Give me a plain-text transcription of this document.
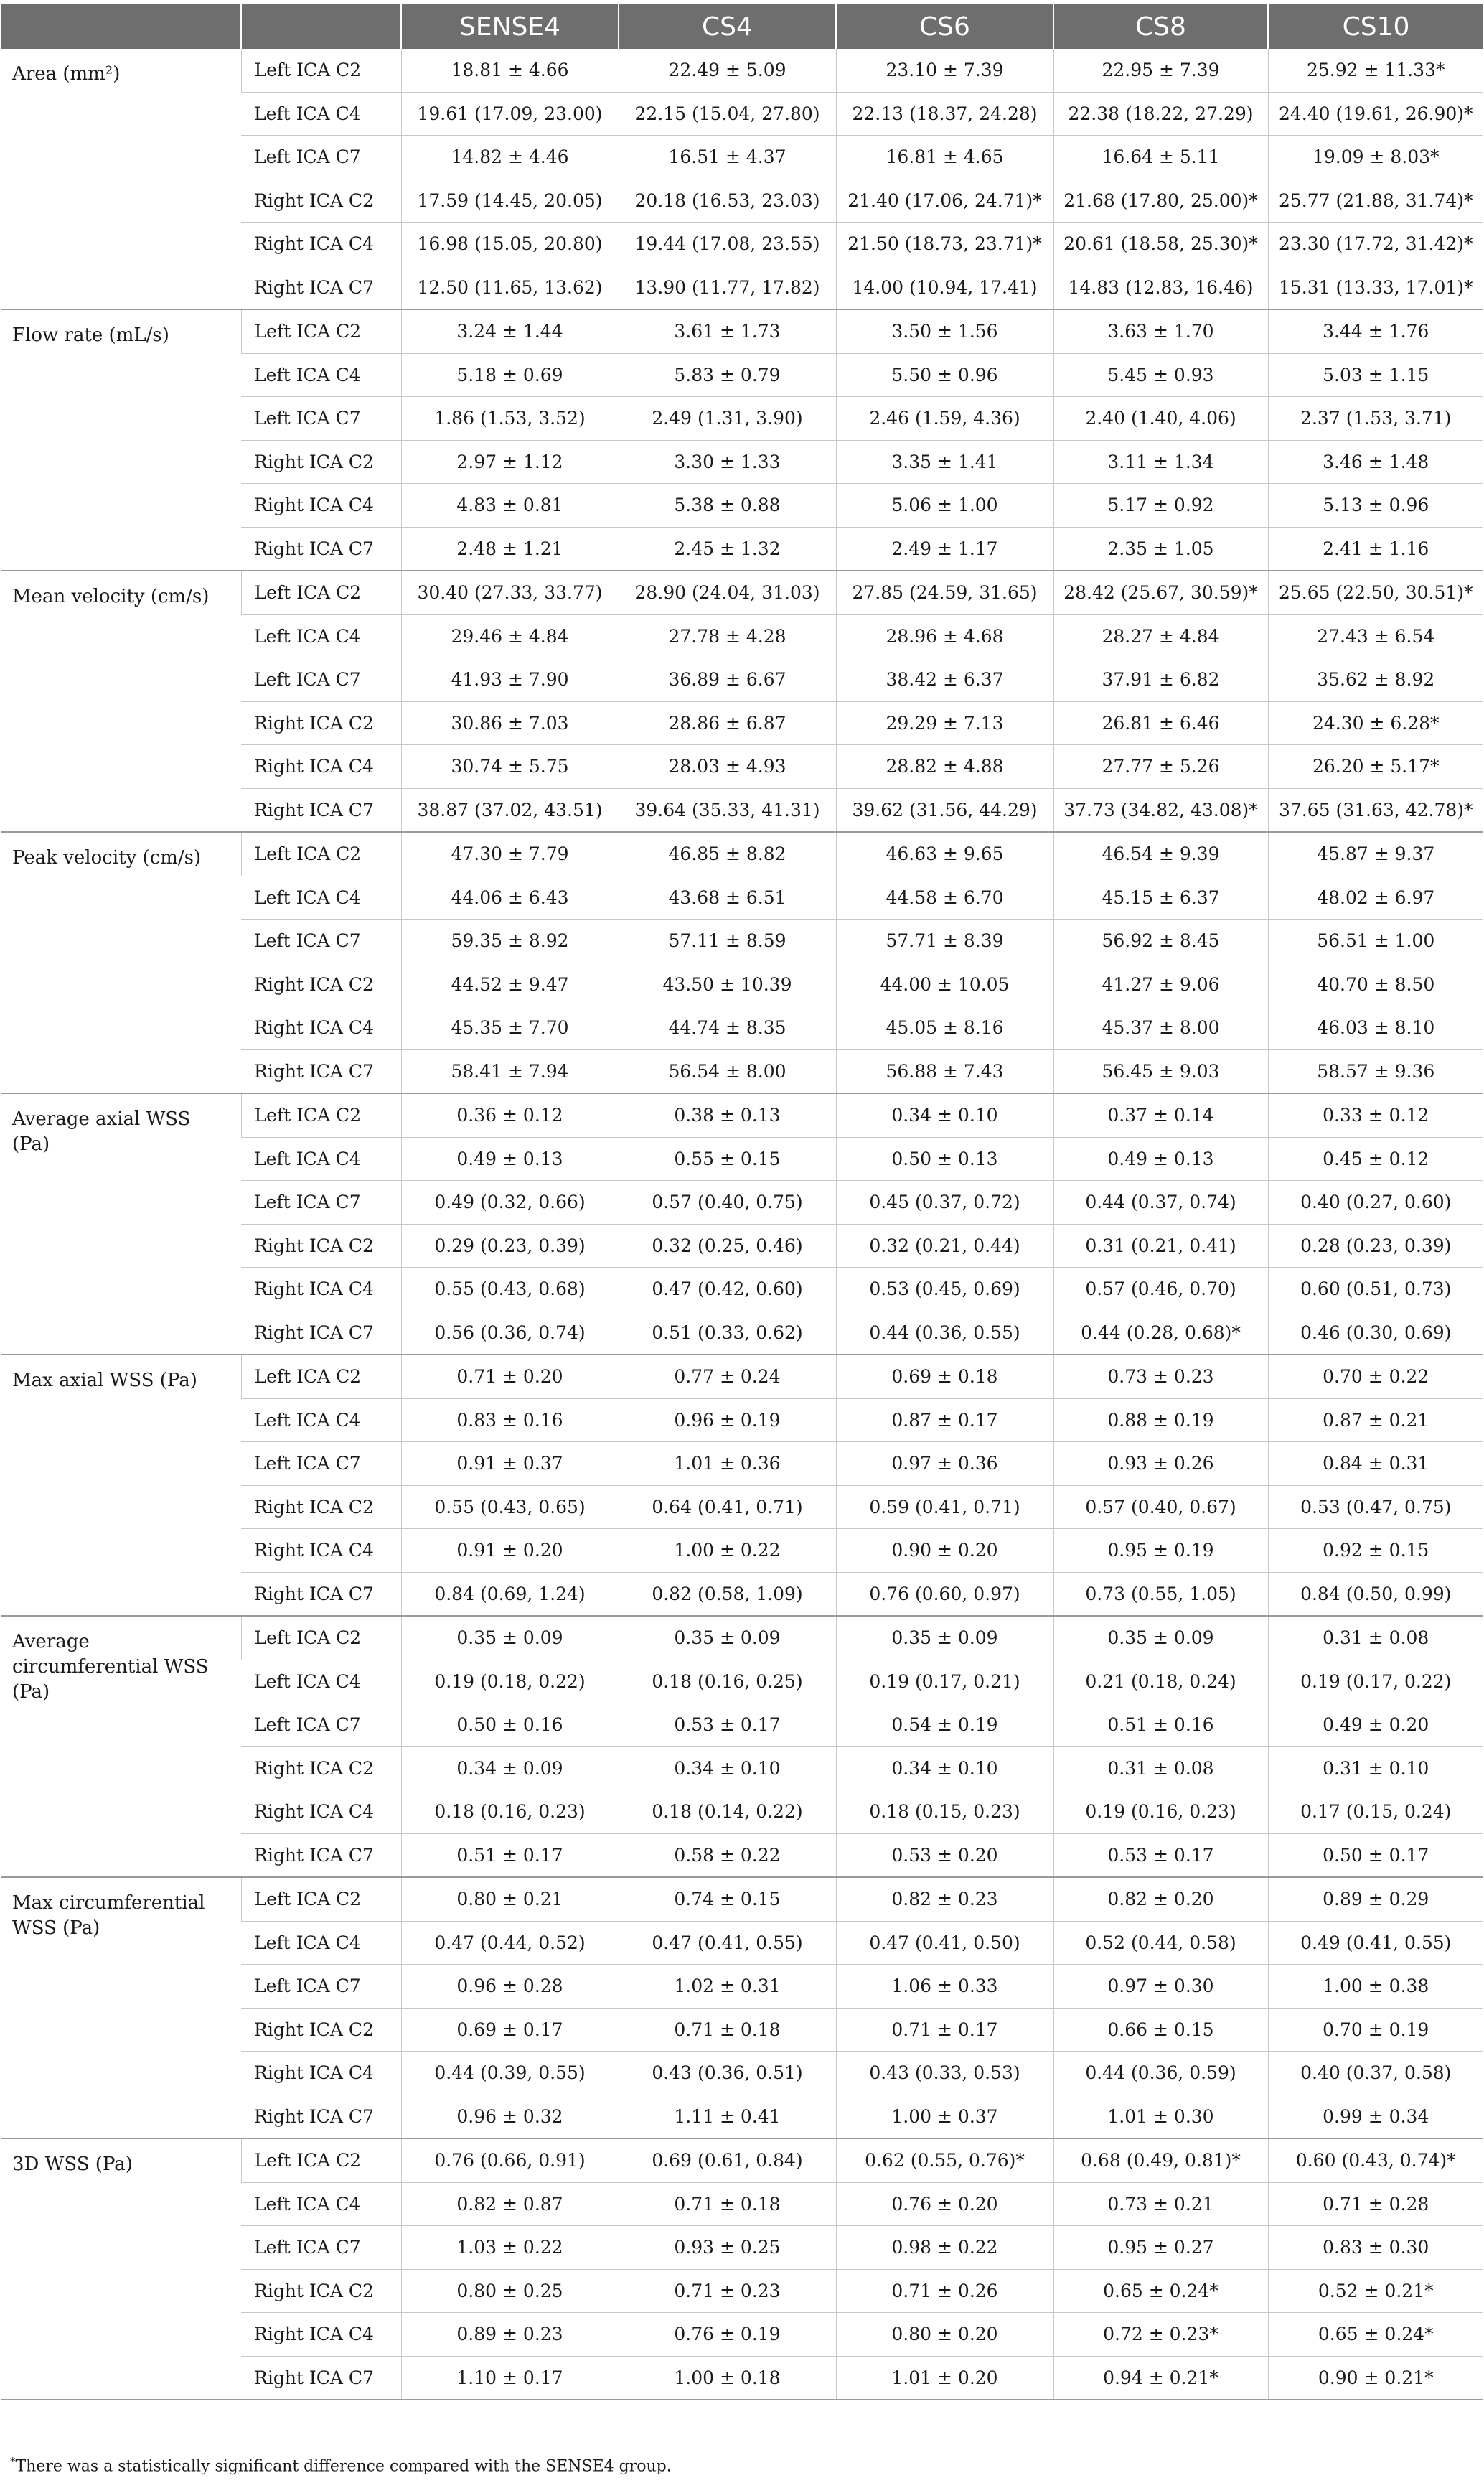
		SENSE4	CS4	CS6	CS8	CS10
Area (mm²)	Left ICA C2	18.81 ± 4.66	22.49 ± 5.09	23.10 ± 7.39	22.95 ± 7.39	25.92 ± 11.33*
	Left ICA C4	19.61 (17.09, 23.00)	22.15 (15.04, 27.80)	22.13 (18.37, 24.28)	22.38 (18.22, 27.29)	24.40 (19.61, 26.90)*
	Left ICA C7	14.82 ± 4.46	16.51 ± 4.37	16.81 ± 4.65	16.64 ± 5.11	19.09 ± 8.03*
	Right ICA C2	17.59 (14.45, 20.05)	20.18 (16.53, 23.03)	21.40 (17.06, 24.71)*	21.68 (17.80, 25.00)*	25.77 (21.88, 31.74)*
	Right ICA C4	16.98 (15.05, 20.80)	19.44 (17.08, 23.55)	21.50 (18.73, 23.71)*	20.61 (18.58, 25.30)*	23.30 (17.72, 31.42)*
	Right ICA C7	12.50 (11.65, 13.62)	13.90 (11.77, 17.82)	14.00 (10.94, 17.41)	14.83 (12.83, 16.46)	15.31 (13.33, 17.01)*
Flow rate (mL/s)	Left ICA C2	3.24 ± 1.44	3.61 ± 1.73	3.50 ± 1.56	3.63 ± 1.70	3.44 ± 1.76
	Left ICA C4	5.18 ± 0.69	5.83 ± 0.79	5.50 ± 0.96	5.45 ± 0.93	5.03 ± 1.15
	Left ICA C7	1.86 (1.53, 3.52)	2.49 (1.31, 3.90)	2.46 (1.59, 4.36)	2.40 (1.40, 4.06)	2.37 (1.53, 3.71)
	Right ICA C2	2.97 ± 1.12	3.30 ± 1.33	3.35 ± 1.41	3.11 ± 1.34	3.46 ± 1.48
	Right ICA C4	4.83 ± 0.81	5.38 ± 0.88	5.06 ± 1.00	5.17 ± 0.92	5.13 ± 0.96
	Right ICA C7	2.48 ± 1.21	2.45 ± 1.32	2.49 ± 1.17	2.35 ± 1.05	2.41 ± 1.16
Mean velocity (cm/s)	Left ICA C2	30.40 (27.33, 33.77)	28.90 (24.04, 31.03)	27.85 (24.59, 31.65)	28.42 (25.67, 30.59)*	25.65 (22.50, 30.51)*
	Left ICA C4	29.46 ± 4.84	27.78 ± 4.28	28.96 ± 4.68	28.27 ± 4.84	27.43 ± 6.54
	Left ICA C7	41.93 ± 7.90	36.89 ± 6.67	38.42 ± 6.37	37.91 ± 6.82	35.62 ± 8.92
	Right ICA C2	30.86 ± 7.03	28.86 ± 6.87	29.29 ± 7.13	26.81 ± 6.46	24.30 ± 6.28*
	Right ICA C4	30.74 ± 5.75	28.03 ± 4.93	28.82 ± 4.88	27.77 ± 5.26	26.20 ± 5.17*
	Right ICA C7	38.87 (37.02, 43.51)	39.64 (35.33, 41.31)	39.62 (31.56, 44.29)	37.73 (34.82, 43.08)*	37.65 (31.63, 42.78)*
Peak velocity (cm/s)	Left ICA C2	47.30 ± 7.79	46.85 ± 8.82	46.63 ± 9.65	46.54 ± 9.39	45.87 ± 9.37
	Left ICA C4	44.06 ± 6.43	43.68 ± 6.51	44.58 ± 6.70	45.15 ± 6.37	48.02 ± 6.97
	Left ICA C7	59.35 ± 8.92	57.11 ± 8.59	57.71 ± 8.39	56.92 ± 8.45	56.51 ± 1.00
	Right ICA C2	44.52 ± 9.47	43.50 ± 10.39	44.00 ± 10.05	41.27 ± 9.06	40.70 ± 8.50
	Right ICA C4	45.35 ± 7.70	44.74 ± 8.35	45.05 ± 8.16	45.37 ± 8.00	46.03 ± 8.10
	Right ICA C7	58.41 ± 7.94	56.54 ± 8.00	56.88 ± 7.43	56.45 ± 9.03	58.57 ± 9.36
Average axial WSS (Pa)	Left ICA C2	0.36 ± 0.12	0.38 ± 0.13	0.34 ± 0.10	0.37 ± 0.14	0.33 ± 0.12
	Left ICA C4	0.49 ± 0.13	0.55 ± 0.15	0.50 ± 0.13	0.49 ± 0.13	0.45 ± 0.12
	Left ICA C7	0.49 (0.32, 0.66)	0.57 (0.40, 0.75)	0.45 (0.37, 0.72)	0.44 (0.37, 0.74)	0.40 (0.27, 0.60)
	Right ICA C2	0.29 (0.23, 0.39)	0.32 (0.25, 0.46)	0.32 (0.21, 0.44)	0.31 (0.21, 0.41)	0.28 (0.23, 0.39)
	Right ICA C4	0.55 (0.43, 0.68)	0.47 (0.42, 0.60)	0.53 (0.45, 0.69)	0.57 (0.46, 0.70)	0.60 (0.51, 0.73)
	Right ICA C7	0.56 (0.36, 0.74)	0.51 (0.33, 0.62)	0.44 (0.36, 0.55)	0.44 (0.28, 0.68)*	0.46 (0.30, 0.69)
Max axial WSS (Pa)	Left ICA C2	0.71 ± 0.20	0.77 ± 0.24	0.69 ± 0.18	0.73 ± 0.23	0.70 ± 0.22
	Left ICA C4	0.83 ± 0.16	0.96 ± 0.19	0.87 ± 0.17	0.88 ± 0.19	0.87 ± 0.21
	Left ICA C7	0.91 ± 0.37	1.01 ± 0.36	0.97 ± 0.36	0.93 ± 0.26	0.84 ± 0.31
	Right ICA C2	0.55 (0.43, 0.65)	0.64 (0.41, 0.71)	0.59 (0.41, 0.71)	0.57 (0.40, 0.67)	0.53 (0.47, 0.75)
	Right ICA C4	0.91 ± 0.20	1.00 ± 0.22	0.90 ± 0.20	0.95 ± 0.19	0.92 ± 0.15
	Right ICA C7	0.84 (0.69, 1.24)	0.82 (0.58, 1.09)	0.76 (0.60, 0.97)	0.73 (0.55, 1.05)	0.84 (0.50, 0.99)
Average circumferential WSS (Pa)	Left ICA C2	0.35 ± 0.09	0.35 ± 0.09	0.35 ± 0.09	0.35 ± 0.09	0.31 ± 0.08
	Left ICA C4	0.19 (0.18, 0.22)	0.18 (0.16, 0.25)	0.19 (0.17, 0.21)	0.21 (0.18, 0.24)	0.19 (0.17, 0.22)
	Left ICA C7	0.50 ± 0.16	0.53 ± 0.17	0.54 ± 0.19	0.51 ± 0.16	0.49 ± 0.20
	Right ICA C2	0.34 ± 0.09	0.34 ± 0.10	0.34 ± 0.10	0.31 ± 0.08	0.31 ± 0.10
	Right ICA C4	0.18 (0.16, 0.23)	0.18 (0.14, 0.22)	0.18 (0.15, 0.23)	0.19 (0.16, 0.23)	0.17 (0.15, 0.24)
	Right ICA C7	0.51 ± 0.17	0.58 ± 0.22	0.53 ± 0.20	0.53 ± 0.17	0.50 ± 0.17
Max circumferential WSS (Pa)	Left ICA C2	0.80 ± 0.21	0.74 ± 0.15	0.82 ± 0.23	0.82 ± 0.20	0.89 ± 0.29
	Left ICA C4	0.47 (0.44, 0.52)	0.47 (0.41, 0.55)	0.47 (0.41, 0.50)	0.52 (0.44, 0.58)	0.49 (0.41, 0.55)
	Left ICA C7	0.96 ± 0.28	1.02 ± 0.31	1.06 ± 0.33	0.97 ± 0.30	1.00 ± 0.38
	Right ICA C2	0.69 ± 0.17	0.71 ± 0.18	0.71 ± 0.17	0.66 ± 0.15	0.70 ± 0.19
	Right ICA C4	0.44 (0.39, 0.55)	0.43 (0.36, 0.51)	0.43 (0.33, 0.53)	0.44 (0.36, 0.59)	0.40 (0.37, 0.58)
	Right ICA C7	0.96 ± 0.32	1.11 ± 0.41	1.00 ± 0.37	1.01 ± 0.30	0.99 ± 0.34
3D WSS (Pa)	Left ICA C2	0.76 (0.66, 0.91)	0.69 (0.61, 0.84)	0.62 (0.55, 0.76)*	0.68 (0.49, 0.81)*	0.60 (0.43, 0.74)*
	Left ICA C4	0.82 ± 0.87	0.71 ± 0.18	0.76 ± 0.20	0.73 ± 0.21	0.71 ± 0.28
	Left ICA C7	1.03 ± 0.22	0.93 ± 0.25	0.98 ± 0.22	0.95 ± 0.27	0.83 ± 0.30
	Right ICA C2	0.80 ± 0.25	0.71 ± 0.23	0.71 ± 0.26	0.65 ± 0.24*	0.52 ± 0.21*
	Right ICA C4	0.89 ± 0.23	0.76 ± 0.19	0.80 ± 0.20	0.72 ± 0.23*	0.65 ± 0.24*
	Right ICA C7	1.10 ± 0.17	1.00 ± 0.18	1.01 ± 0.20	0.94 ± 0.21*	0.90 ± 0.21*
*There was a statistically significant difference compared with the SENSE4 group.
